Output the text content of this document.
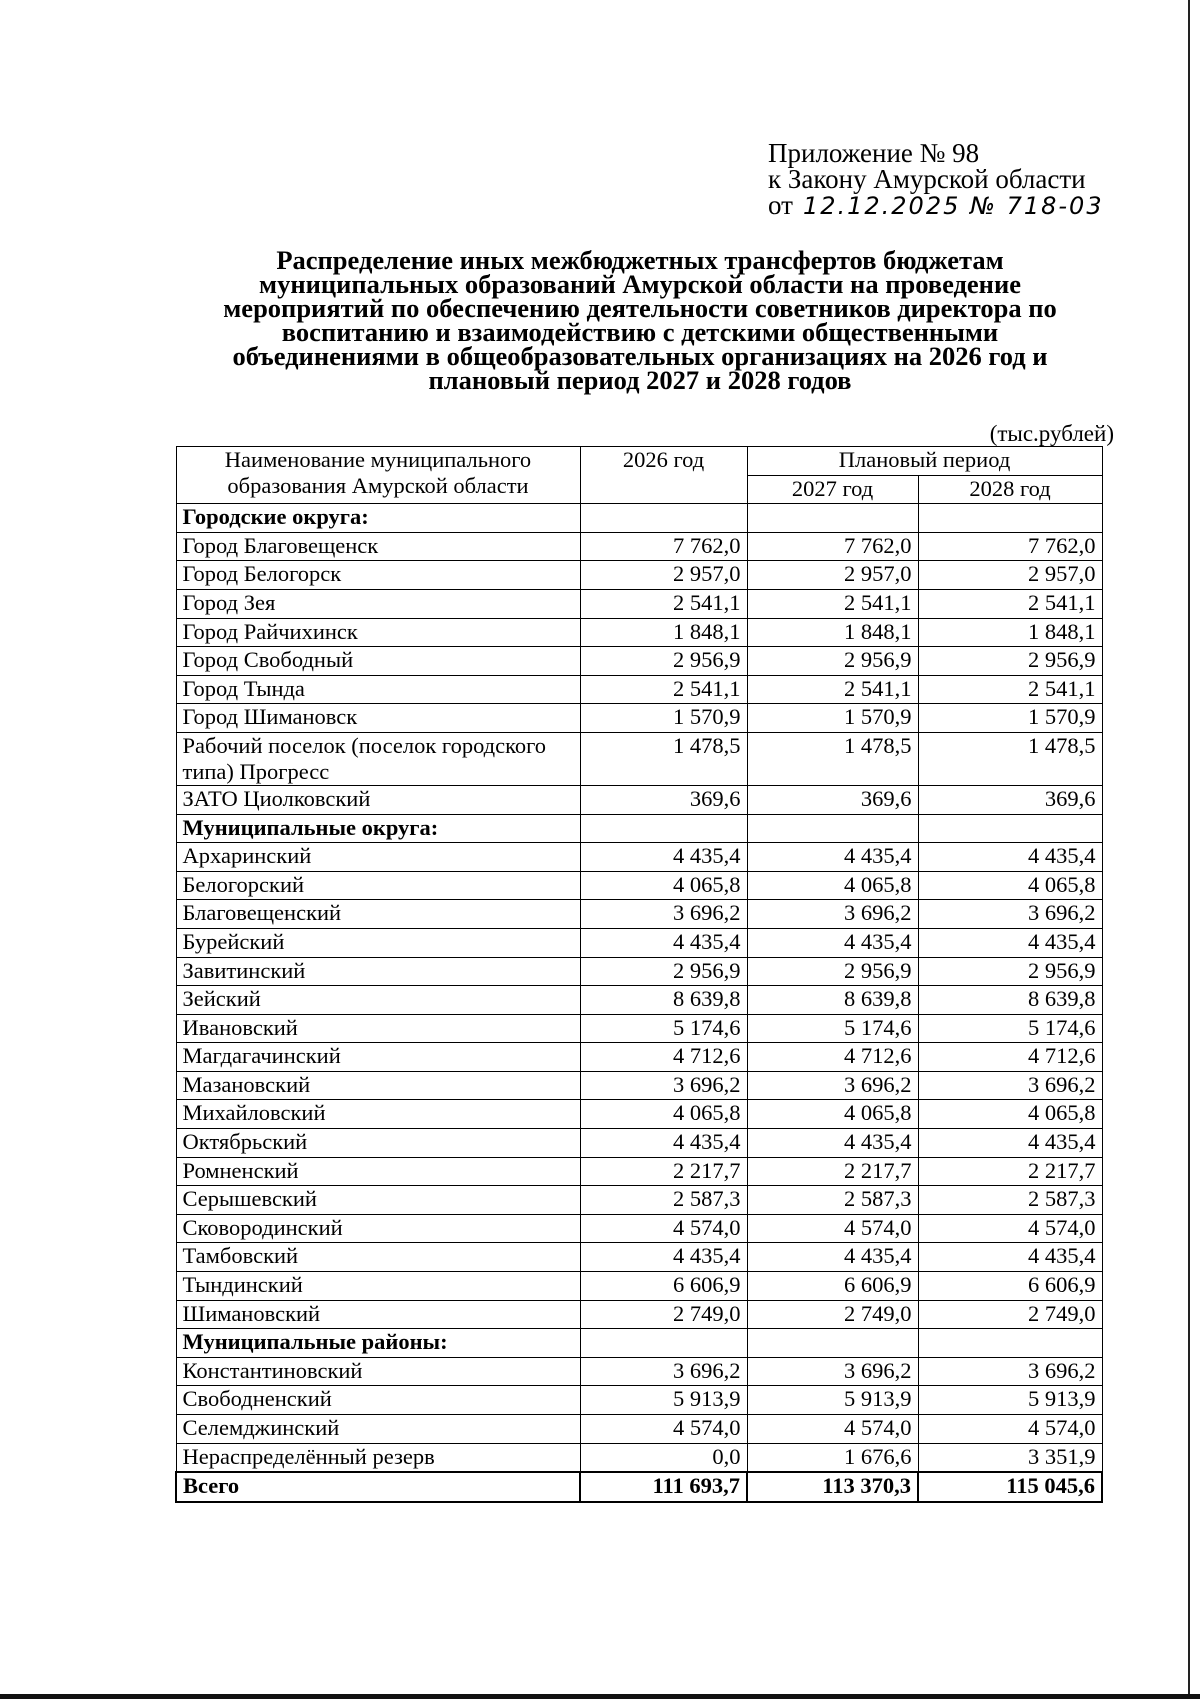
Приложение № 98
к Закону Амурской области
от 12.12.2025 № 718-03
Распределение иных межбюджетных трансфертов бюджетам
муниципальных образований Амурской области на проведение
мероприятий по обеспечению деятельности советников директора по
воспитанию и взаимодействию с детскими общественными
объединениями в общеобразовательных организациях на 2026 год и
плановый период 2027 и 2028 годов
(тыс.рублей)
Наименование муниципального образования Амурской области	2026 год	Плановый период	
		2027 год	2028 год
Городские округа:			
Город Благовещенск	7 762,0	7 762,0	7 762,0
Город Белогорск	2 957,0	2 957,0	2 957,0
Город Зея	2 541,1	2 541,1	2 541,1
Город Райчихинск	1 848,1	1 848,1	1 848,1
Город Свободный	2 956,9	2 956,9	2 956,9
Город Тында	2 541,1	2 541,1	2 541,1
Город Шимановск	1 570,9	1 570,9	1 570,9
Рабочий поселок (поселок городского типа) Прогресс	1 478,5	1 478,5	1 478,5
ЗАТО Циолковский	369,6	369,6	369,6
Муниципальные округа:			
Архаринский	4 435,4	4 435,4	4 435,4
Белогорский	4 065,8	4 065,8	4 065,8
Благовещенский	3 696,2	3 696,2	3 696,2
Бурейский	4 435,4	4 435,4	4 435,4
Завитинский	2 956,9	2 956,9	2 956,9
Зейский	8 639,8	8 639,8	8 639,8
Ивановский	5 174,6	5 174,6	5 174,6
Магдагачинский	4 712,6	4 712,6	4 712,6
Мазановский	3 696,2	3 696,2	3 696,2
Михайловский	4 065,8	4 065,8	4 065,8
Октябрьский	4 435,4	4 435,4	4 435,4
Ромненский	2 217,7	2 217,7	2 217,7
Серышевский	2 587,3	2 587,3	2 587,3
Сковородинский	4 574,0	4 574,0	4 574,0
Тамбовский	4 435,4	4 435,4	4 435,4
Тындинский	6 606,9	6 606,9	6 606,9
Шимановский	2 749,0	2 749,0	2 749,0
Муниципальные районы:			
Константиновский	3 696,2	3 696,2	3 696,2
Свободненский	5 913,9	5 913,9	5 913,9
Селемджинский	4 574,0	4 574,0	4 574,0
Нераспределённый резерв	0,0	1 676,6	3 351,9
Всего	111 693,7	113 370,3	115 045,6
